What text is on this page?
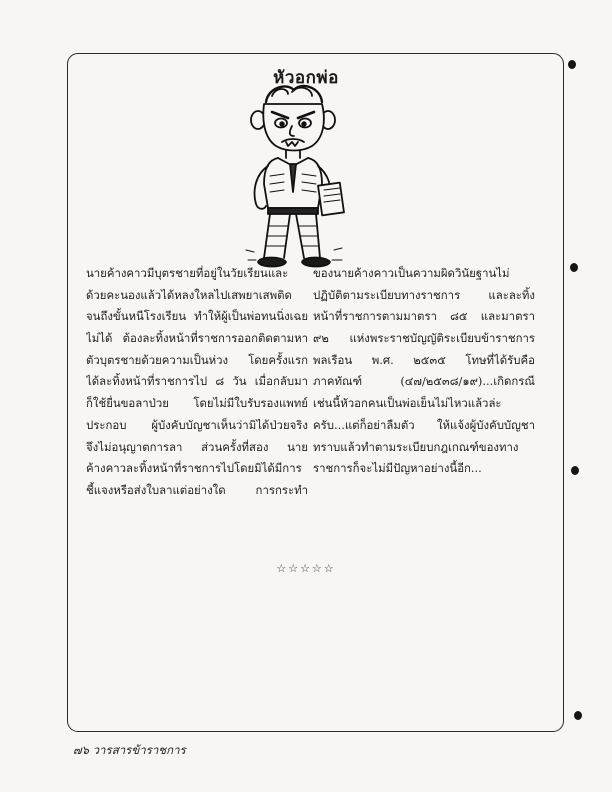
หัวอกพ่อ
นายค้างคาวมีบุตรชายที่อยู่ในวัยเรียนและ
ด้วยคะนองแล้วได้หลงใหลไปเสพยาเสพติด
จนถึงขั้นหนีโรงเรียน ทำให้ผู้เป็นพ่อทนนิ่งเฉย
ไม่ได้ ต้องละทิ้งหน้าที่ราชการออกติดตามหา
ตัวบุตรชายด้วยความเป็นห่วง โดยครั้งแรก
ได้ละทิ้งหน้าที่ราชการไป ๘ วัน เมื่อกลับมา
ก็ใช้ยื่นขอลาป่วย โดยไม่มีใบรับรองแพทย์
ประกอบ ผู้บังคับบัญชาเห็นว่ามิได้ป่วยจริง
จึงไม่อนุญาตการลา ส่วนครั้งที่สอง นาย
ค้างคาวละทิ้งหน้าที่ราชการไปโดยมิได้มีการ
ชี้แจงหรือส่งใบลาแต่อย่างใด การกระทำ
ของนายค้างคาวเป็นความผิดวินัยฐานไม่
ปฏิบัติตามระเบียบทางราชการ และละทิ้ง
หน้าที่ราชการตามมาตรา ๘๕ และมาตรา
๙๒ แห่งพระราชบัญญัติระเบียบข้าราชการ
พลเรือน พ.ศ. ๒๕๓๕ โทษที่ได้รับคือ
ภาคทัณฑ์ (๔๗/๒๕๓๘/๑๙)...เกิดกรณี
เช่นนี้หัวอกคนเป็นพ่อเย็นไม่ไหวแล้วล่ะ
ครับ...แต่ก็อย่าลืมตัว ให้แจ้งผู้บังคับบัญชา
ทราบแล้วทำตามระเบียบกฎเกณฑ์ของทาง
ราชการก็จะไม่มีปัญหาอย่างนี้อีก...
☆☆☆☆☆
๗๖ วารสารข้าราชการ
